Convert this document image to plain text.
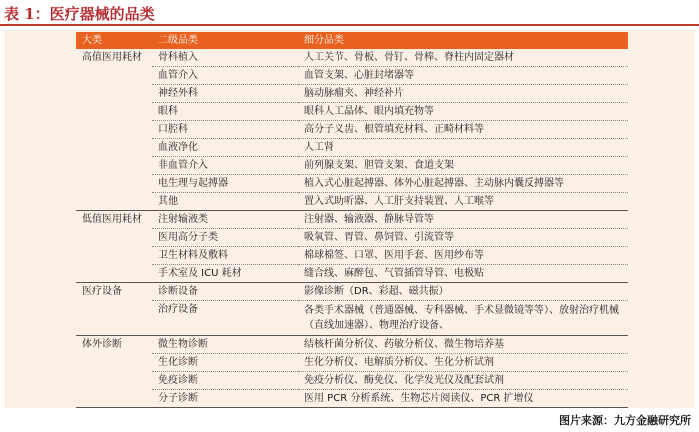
表 1：医疗器械的品类
大类	二级品类	细分品类
高值医用耗材	骨科植入	人工关节、骨板、骨钉、骨棒、脊柱内固定器材
	血管介入	血管支架、心脏封堵器等
	神经外科	脑动脉瘤夹、神经补片
	眼科	眼科人工晶体、眼内填充物等
	口腔科	高分子义齿、根管填充材料、正畸材料等
	血液净化	人工肾
	非血管介入	前列腺支架、胆管支架、食道支架
	电生理与起搏器	植入式心脏起搏器、体外心脏起搏器、主动脉内囊反搏器等
	其他	置入式助听器、人工肝支持装置、人工喉等
低值医用耗材	注射输液类	注射器、输液器、静脉导管等
	医用高分子类	吸氧管、胃管、鼻饲管、引流管等
	卫生材料及敷料	棉球棉签、口罩、医用手套、医用纱布等
	手术室及 ICU 耗材	缝合线、麻醉包、气管插管导管、电极贴
医疗设备	诊断设备	影像诊断（DR、彩超、磁共振）
	治疗设备	各类手术器械（普通器械、专科器械、手术显微镜等等）、放射治疗机械（直线加速器）、物理治疗设备、
体外诊断	微生物诊断	结核杆菌分析仪、药敏分析仪、微生物培养基
	生化诊断	生化分析仪、电解质分析仪、生化分析试剂
	免疫诊断	免疫分析仪、酶免仪、化学发光仪及配套试剂
	分子诊断	医用 PCR 分析系统、生物芯片阅读仪、PCR 扩增仪
图片来源：九方金融研究所
